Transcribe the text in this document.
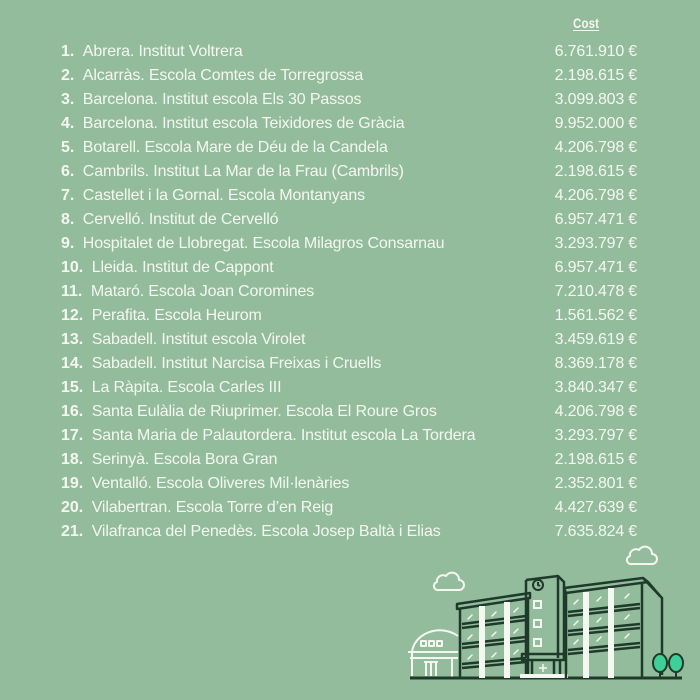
Cost
1. Abrera. Institut Voltrera	6.761.910 €
2. Alcarràs. Escola Comtes de Torregrossa	2.198.615 €
3. Barcelona. Institut escola Els 30 Passos	3.099.803 €
4. Barcelona. Institut escola Teixidores de Gràcia	9.952.000 €
5. Botarell. Escola Mare de Déu de la Candela	4.206.798 €
6. Cambrils. Institut La Mar de la Frau (Cambrils)	2.198.615 €
7. Castellet i la Gornal. Escola Montanyans	4.206.798 €
8. Cervelló. Institut de Cervelló	6.957.471 €
9. Hospitalet de Llobregat. Escola Milagros Consarnau	3.293.797 €
10. Lleida. Institut de Cappont	6.957.471 €
11. Mataró. Escola Joan Coromines	7.210.478 €
12. Perafita. Escola Heurom	1.561.562 €
13. Sabadell. Institut escola Virolet	3.459.619 €
14. Sabadell. Institut Narcisa Freixas i Cruells	8.369.178 €
15. La Ràpita. Escola Carles III	3.840.347 €
16. Santa Eulàlia de Riuprimer. Escola El Roure Gros	4.206.798 €
17. Santa Maria de Palautordera. Institut escola La Tordera	3.293.797 €
18. Serinyà. Escola Bora Gran	2.198.615 €
19. Ventalló. Escola Oliveres Mil·lenàries	2.352.801 €
20. Vilabertran. Escola Torre d’en Reig	4.427.639 €
21. Vilafranca del Penedès. Escola Josep Baltà i Elias	7.635.824 €
